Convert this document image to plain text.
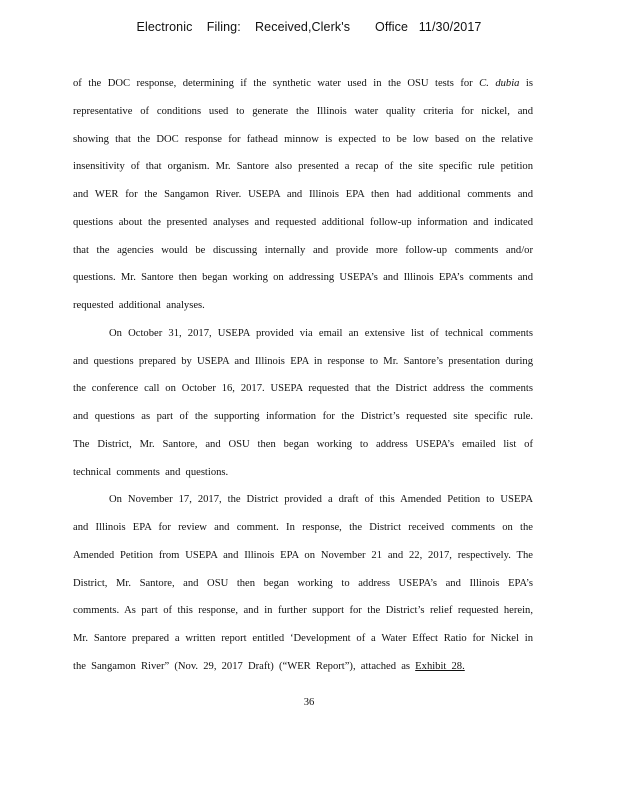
Electronic    Filing:    Received,Clerk's       Office   11/30/2017

of the DOC response, determining if the synthetic water used in the OSU tests for C. dubia is representative of conditions used to generate the Illinois water quality criteria for nickel, and showing that the DOC response for fathead minnow is expected to be low based on the relative insensitivity of that organism. Mr. Santore also presented a recap of the site specific rule petition and WER for the Sangamon River. USEPA and Illinois EPA then had additional comments and questions about the presented analyses and requested additional follow-up information and indicated that the agencies would be discussing internally and provide more follow-up comments and/or questions. Mr. Santore then began working on addressing USEPA’s and Illinois EPA’s comments and requested additional analyses.

On October 31, 2017, USEPA provided via email an extensive list of technical comments and questions prepared by USEPA and Illinois EPA in response to Mr. Santore’s presentation during the conference call on October 16, 2017. USEPA requested that the District address the comments and questions as part of the supporting information for the District’s requested site specific rule. The District, Mr. Santore, and OSU then began working to address USEPA’s emailed list of technical comments and questions.

On November 17, 2017, the District provided a draft of this Amended Petition to USEPA and Illinois EPA for review and comment. In response, the District received comments on the Amended Petition from USEPA and Illinois EPA on November 21 and 22, 2017, respectively. The District, Mr. Santore, and OSU then began working to address USEPA’s and Illinois EPA’s comments. As part of this response, and in further support for the District’s relief requested herein, Mr. Santore prepared a written report entitled ‘Development of a Water Effect Ratio for Nickel in the Sangamon River” (Nov. 29, 2017 Draft) (“WER Report”), attached as Exhibit 28.

36
